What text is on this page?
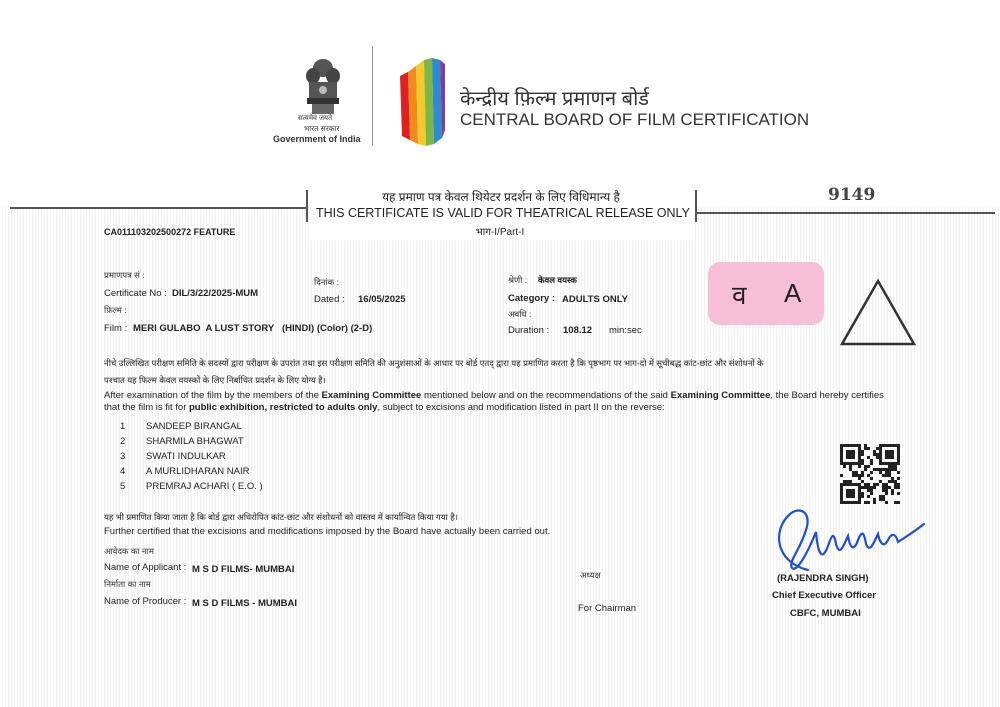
सत्यमेव जयते
भारत सरकार
Government of India
केन्द्रीय फ़िल्म प्रमाणन बोर्ड
CENTRAL BOARD OF FILM CERTIFICATION
यह प्रमाण पत्र केवल थियेटर प्रदर्शन के लिए विधिमान्य है
THIS CERTIFICATE IS VALID FOR THEATRICAL RELEASE ONLY
भाग-I/Part-I
9149
CA011103202500272 FEATURE
प्रमाणपत्र सं :
Certificate No : DIL/3/22/2025-MUM
दिनांक :
Dated : 16/05/2025
श्रेणी : केवल वयस्क
Category : ADULTS ONLY
फ़िल्म :
Film : MERI GULABO  A LUST STORY   (HINDI) (Color) (2-D)
अवधि :
Duration : 108.12 min:sec
व A
नीचे उल्लिखित परीक्षण समिति के सदस्यों द्वारा परीक्षण के उपरांत तथा इस परीक्षण समिति की अनुशंसाओं के आधार पर बोर्ड एतद् द्वारा यह प्रमाणित करता है कि पृष्ठभाग पर भाग-दो में सूचीबद्ध कांट-छांट और संशोधनों के
पश्चात यह फिल्म केवल वयस्कों के लिए निर्बाधित प्रदर्शन के लिए योग्य है।
After examination of the film by the members of the Examining Committee mentioned below and on the recommendations of the said Examining Committee, the Board hereby certifies
that the film is fit for public exhibition, restricted to adults only, subject to excisions and modification listed in part II on the reverse:
1 SANDEEP BIRANGAL
2 SHARMILA BHAGWAT
3 SWATI INDULKAR
4 A MURLIDHARAN NAIR
5 PREMRAJ ACHARI ( E.O. )
यह भी प्रमाणित किया जाता है कि बोर्ड द्वारा अधिरोपित कांट-छांट और संशोधनों को वास्तव में कार्यान्वित किया गया है।
Further certified that the excisions and modifications imposed by the Board have actually been carried out.
आवेदक का नाम
Name of Applicant : M S D FILMS- MUMBAI
निर्माता का नाम
Name of Producer : M S D FILMS - MUMBAI
अध्यक्ष
For Chairman
(RAJENDRA SINGH)
Chief Executive Officer
CBFC, MUMBAI
